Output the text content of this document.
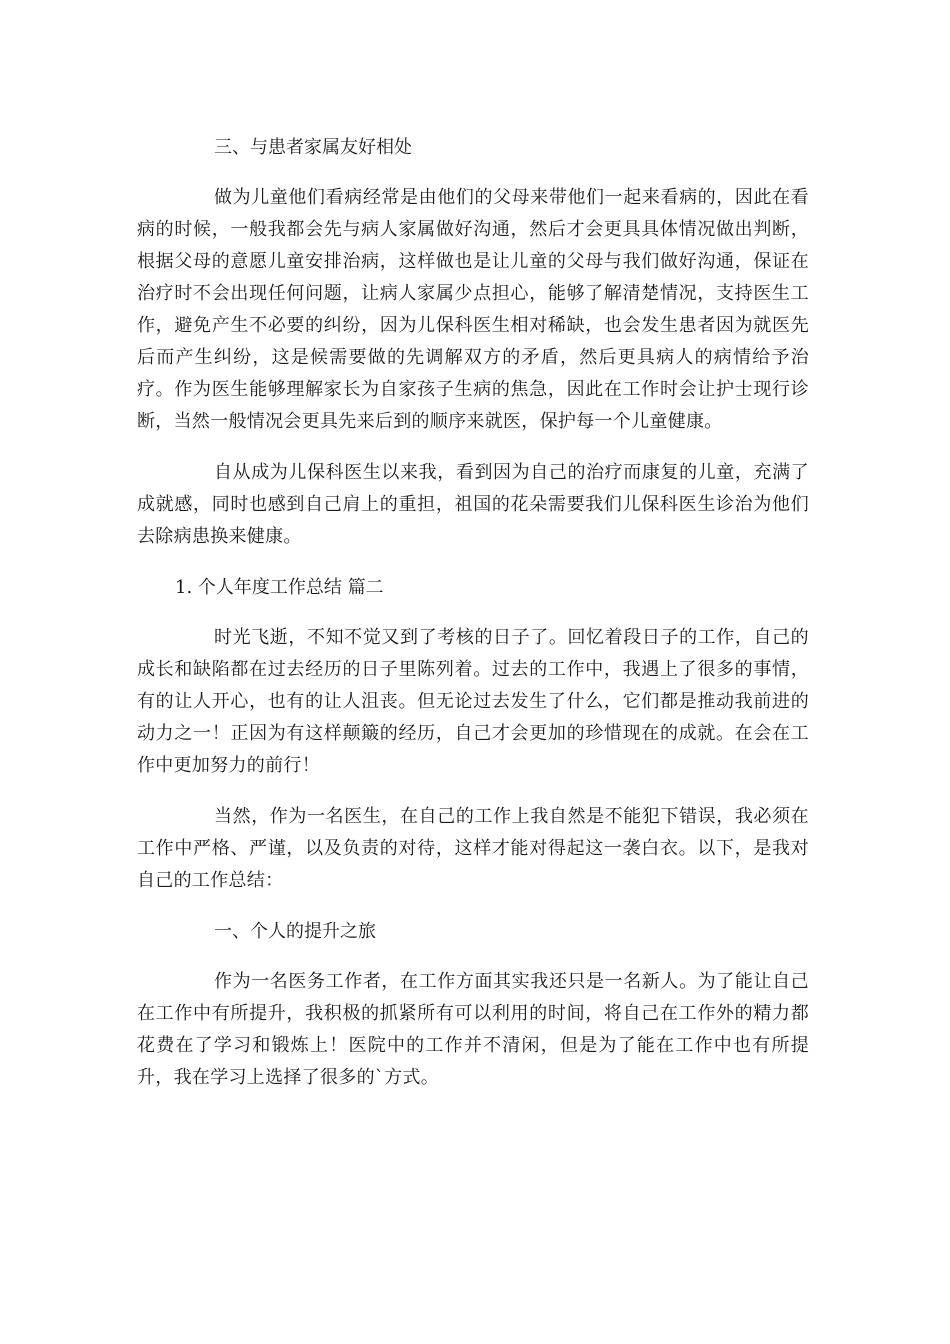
三、与患者家属友好相处

做为儿童他们看病经常是由他们的父母来带他们一起来看病的，因此在看病的时候，一般我都会先与病人家属做好沟通，然后才会更具具体情况做出判断，根据父母的意愿儿童安排治病，这样做也是让儿童的父母与我们做好沟通，保证在治疗时不会出现任何问题，让病人家属少点担心，能够了解清楚情况，支持医生工作，避免产生不必要的纠纷，因为儿保科医生相对稀缺，也会发生患者因为就医先后而产生纠纷，这是候需要做的先调解双方的矛盾，然后更具病人的病情给予治疗。作为医生能够理解家长为自家孩子生病的焦急，因此在工作时会让护士现行诊断，当然一般情况会更具先来后到的顺序来就医，保护每一个儿童健康。

自从成为儿保科医生以来我，看到因为自己的治疗而康复的儿童，充满了成就感，同时也感到自己肩上的重担，祖国的花朵需要我们儿保科医生诊治为他们去除病患换来健康。

1. 个人年度工作总结 篇二

时光飞逝，不知不觉又到了考核的日子了。回忆着段日子的工作，自己的成长和缺陷都在过去经历的日子里陈列着。过去的工作中，我遇上了很多的事情，有的让人开心，也有的让人沮丧。但无论过去发生了什么，它们都是推动我前进的动力之一！正因为有这样颠簸的经历，自己才会更加的珍惜现在的成就。在会在工作中更加努力的前行！

当然，作为一名医生，在自己的工作上我自然是不能犯下错误，我必须在工作中严格、严谨，以及负责的对待，这样才能对得起这一袭白衣。以下，是我对自己的工作总结：

一、个人的提升之旅

作为一名医务工作者，在工作方面其实我还只是一名新人。为了能让自己在工作中有所提升，我积极的抓紧所有可以利用的时间，将自己在工作外的精力都花费在了学习和锻炼上！医院中的工作并不清闲，但是为了能在工作中也有所提升，我在学习上选择了很多的`方式。
